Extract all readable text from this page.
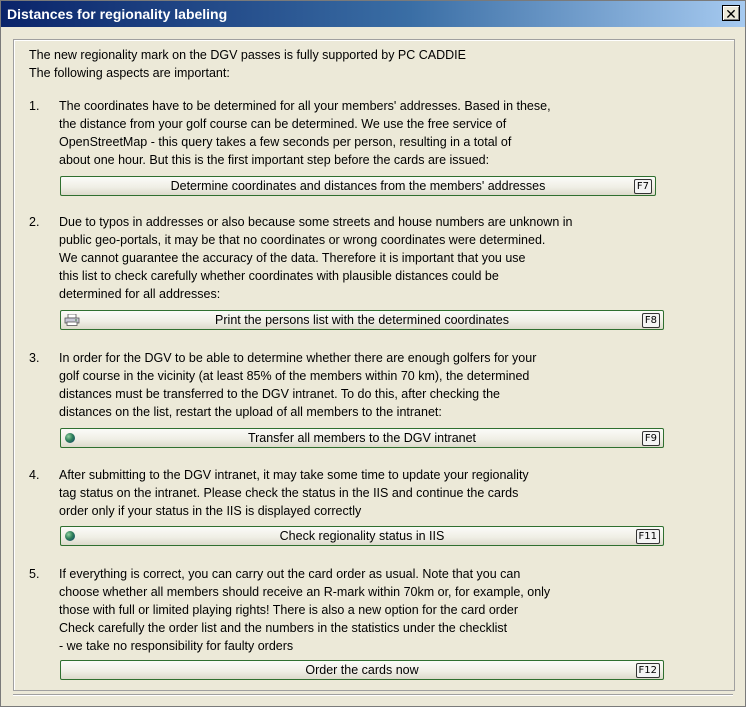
Distances for regionality labeling	✕
The new regionality mark on the DGV passes is fully supported by PC CADDIE
The following aspects are important:
1. The coordinates have to be determined for all your members' addresses. Based in these,
the distance from your golf course can be determined. We use the free service of
OpenStreetMap - this query takes a few seconds per person, resulting in a total of
about one hour. But this is the first important step before the cards are issued:
Determine coordinates and distances from the members' addresses	F7
2. Due to typos in addresses or also because some streets and house numbers are unknown in
public geo-portals, it may be that no coordinates or wrong coordinates were determined.
We cannot guarantee the accuracy of the data. Therefore it is important that you use
this list to check carefully whether coordinates with plausible distances could be
determined for all addresses:
Print the persons list with the determined coordinates	F8
3. In order for the DGV to be able to determine whether there are enough golfers for your
golf course in the vicinity (at least 85% of the members within 70 km), the determined
distances must be transferred to the DGV intranet. To do this, after checking the
distances on the list, restart the upload of all members to the intranet:
Transfer all members to the DGV intranet	F9
4. After submitting to the DGV intranet, it may take some time to update your regionality
tag status on the intranet. Please check the status in the IIS and continue the cards
order only if your status in the IIS is displayed correctly
Check regionality status in IIS	F11
5. If everything is correct, you can carry out the card order as usual. Note that you can
choose whether all members should receive an R-mark within 70km or, for example, only
those with full or limited playing rights! There is also a new option for the card order
Check carefully the order list and the numbers in the statistics under the checklist
- we take no responsibility for faulty orders
Order the cards now	F12
